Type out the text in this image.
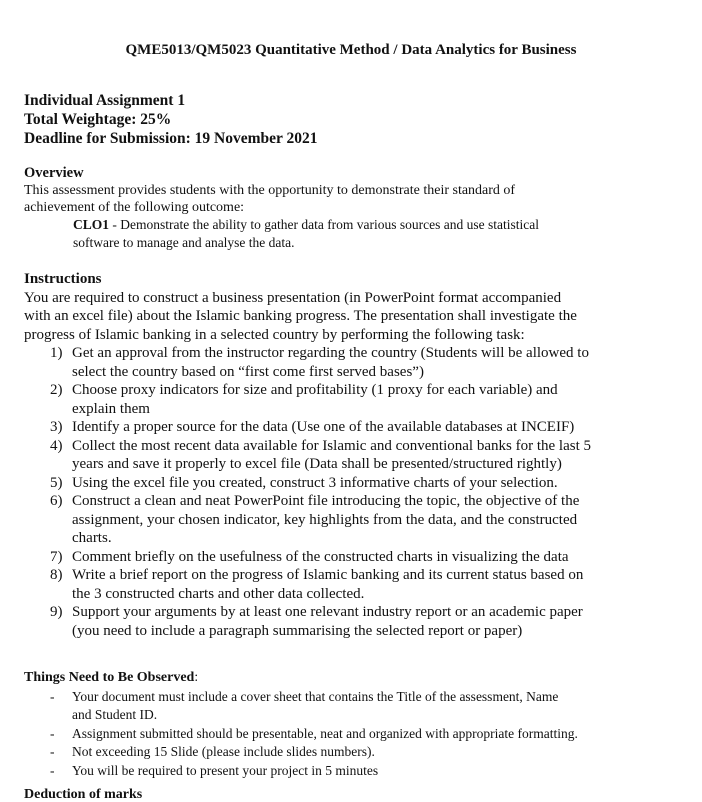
QME5013/QM5023 Quantitative Method / Data Analytics for Business
Individual Assignment 1
Total Weightage: 25%
Deadline for Submission: 19 November 2021
Overview
This assessment provides students with the opportunity to demonstrate their standard of
achievement of the following outcome:
CLO1 - Demonstrate the ability to gather data from various sources and use statistical
software to manage and analyse the data.
Instructions
You are required to construct a business presentation (in PowerPoint format accompanied
with an excel file) about the Islamic banking progress. The presentation shall investigate the
progress of Islamic banking in a selected country by performing the following task:
1) Get an approval from the instructor regarding the country (Students will be allowed to
select the country based on “first come first served bases”)
2) Choose proxy indicators for size and profitability (1 proxy for each variable) and
explain them
3) Identify a proper source for the data (Use one of the available databases at INCEIF)
4) Collect the most recent data available for Islamic and conventional banks for the last 5
years and save it properly to excel file (Data shall be presented/structured rightly)
5) Using the excel file you created, construct 3 informative charts of your selection.
6) Construct a clean and neat PowerPoint file introducing the topic, the objective of the
assignment, your chosen indicator, key highlights from the data, and the constructed
charts.
7) Comment briefly on the usefulness of the constructed charts in visualizing the data
8) Write a brief report on the progress of Islamic banking and its current status based on
the 3 constructed charts and other data collected.
9) Support your arguments by at least one relevant industry report or an academic paper
(you need to include a paragraph summarising the selected report or paper)
Things Need to Be Observed:
- Your document must include a cover sheet that contains the Title of the assessment, Name
and Student ID.
- Assignment submitted should be presentable, neat and organized with appropriate formatting.
- Not exceeding 15 Slide (please include slides numbers).
- You will be required to present your project in 5 minutes
Deduction of marks
